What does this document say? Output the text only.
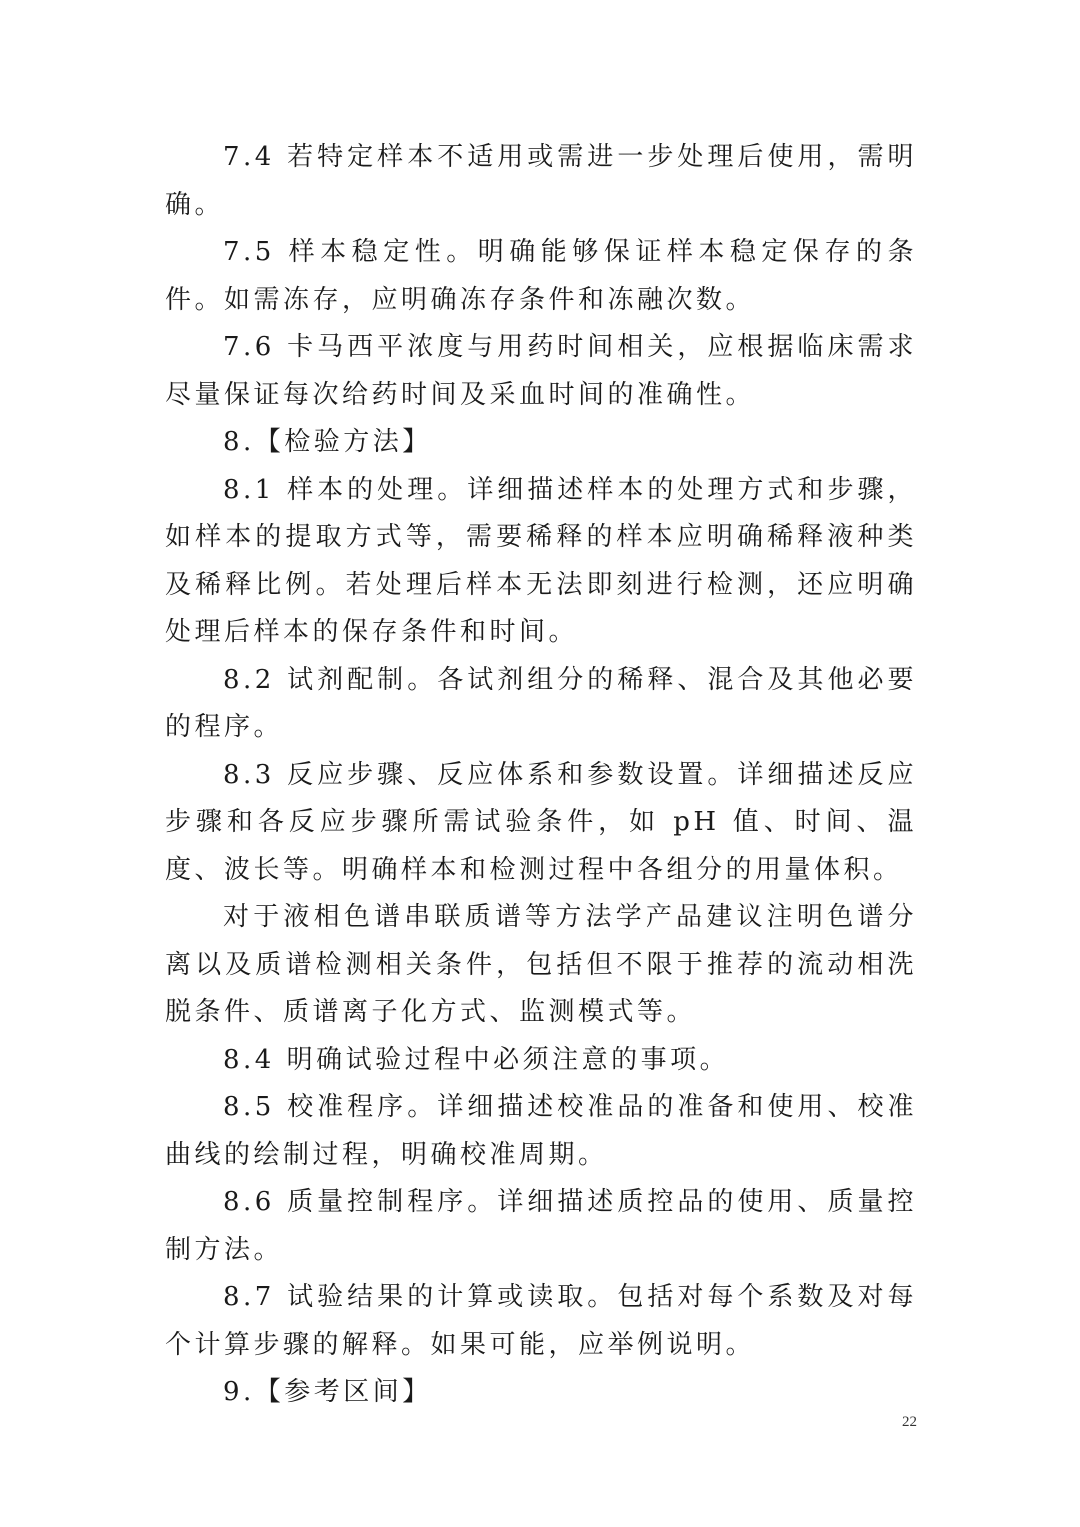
7.4 若特定样本不适用或需进一步处理后使用，需明确。

7.5 样本稳定性。明确能够保证样本稳定保存的条件。如需冻存，应明确冻存条件和冻融次数。

7.6 卡马西平浓度与用药时间相关，应根据临床需求尽量保证每次给药时间及采血时间的准确性。

8.【检验方法】

8.1 样本的处理。详细描述样本的处理方式和步骤，如样本的提取方式等，需要稀释的样本应明确稀释液种类及稀释比例。若处理后样本无法即刻进行检测，还应明确处理后样本的保存条件和时间。

8.2 试剂配制。各试剂组分的稀释、混合及其他必要的程序。

8.3 反应步骤、反应体系和参数设置。详细描述反应步骤和各反应步骤所需试验条件，如 pH 值、时间、温度、波长等。明确样本和检测过程中各组分的用量体积。

对于液相色谱串联质谱等方法学产品建议注明色谱分离以及质谱检测相关条件，包括但不限于推荐的流动相洗脱条件、质谱离子化方式、监测模式等。

8.4 明确试验过程中必须注意的事项。

8.5 校准程序。详细描述校准品的准备和使用、校准曲线的绘制过程，明确校准周期。

8.6 质量控制程序。详细描述质控品的使用、质量控制方法。

8.7 试验结果的计算或读取。包括对每个系数及对每个计算步骤的解释。如果可能，应举例说明。

9.【参考区间】

22
